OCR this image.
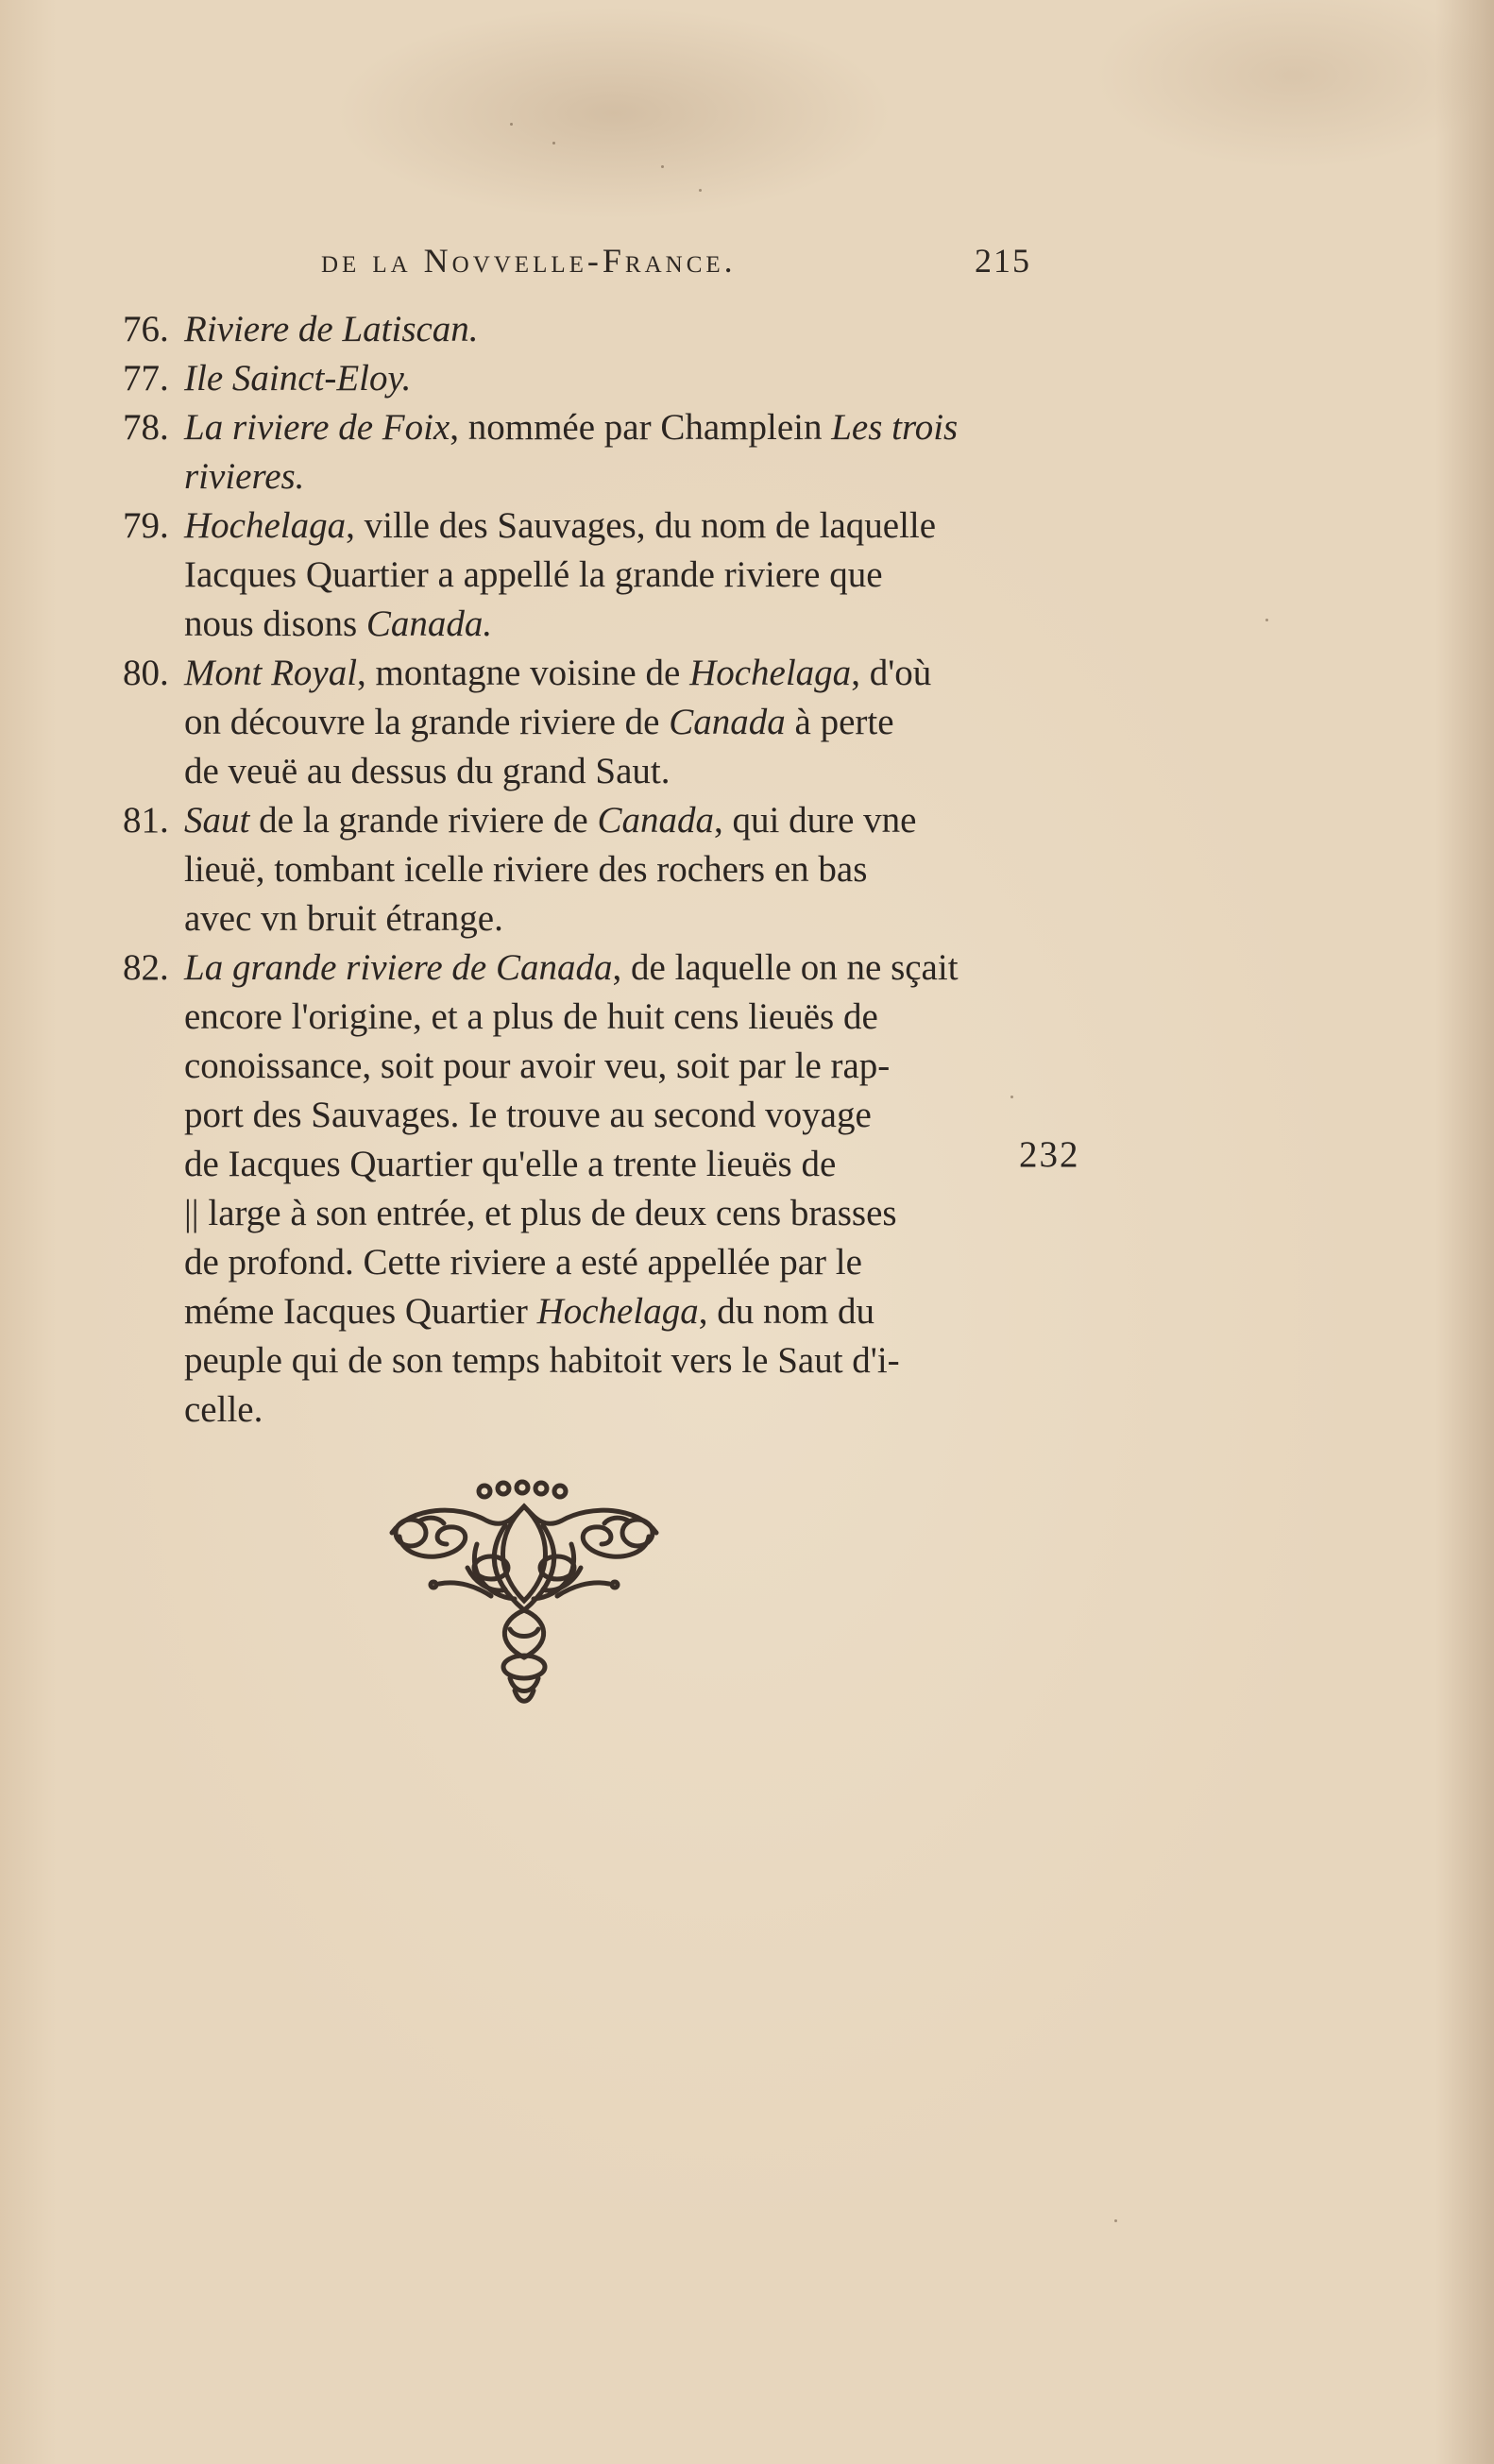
de la Novvelle-France.	215
76. Riviere de Latiscan.
77. Ile Sainct-Eloy.
78. La riviere de Foix, nommée par Champlein Les trois
rivieres.
79. Hochelaga, ville des Sauvages, du nom de laquelle
Iacques Quartier a appellé la grande riviere que
nous disons Canada.
80. Mont Royal, montagne voisine de Hochelaga, d'où
on découvre la grande riviere de Canada à perte
de veuë au dessus du grand Saut.
81. Saut de la grande riviere de Canada, qui dure vne
lieuë, tombant icelle riviere des rochers en bas
avec vn bruit étrange.
82. La grande riviere de Canada, de laquelle on ne sçait
encore l'origine, et a plus de huit cens lieuës de
conoissance, soit pour avoir veu, soit par le rap-
port des Sauvages. Ie trouve au second voyage
de Iacques Quartier qu'elle a trente lieuës de
|| large à son entrée, et plus de deux cens brasses
de profond. Cette riviere a esté appellée par le
méme Iacques Quartier Hochelaga, du nom du
peuple qui de son temps habitoit vers le Saut d'i-
celle.
232
